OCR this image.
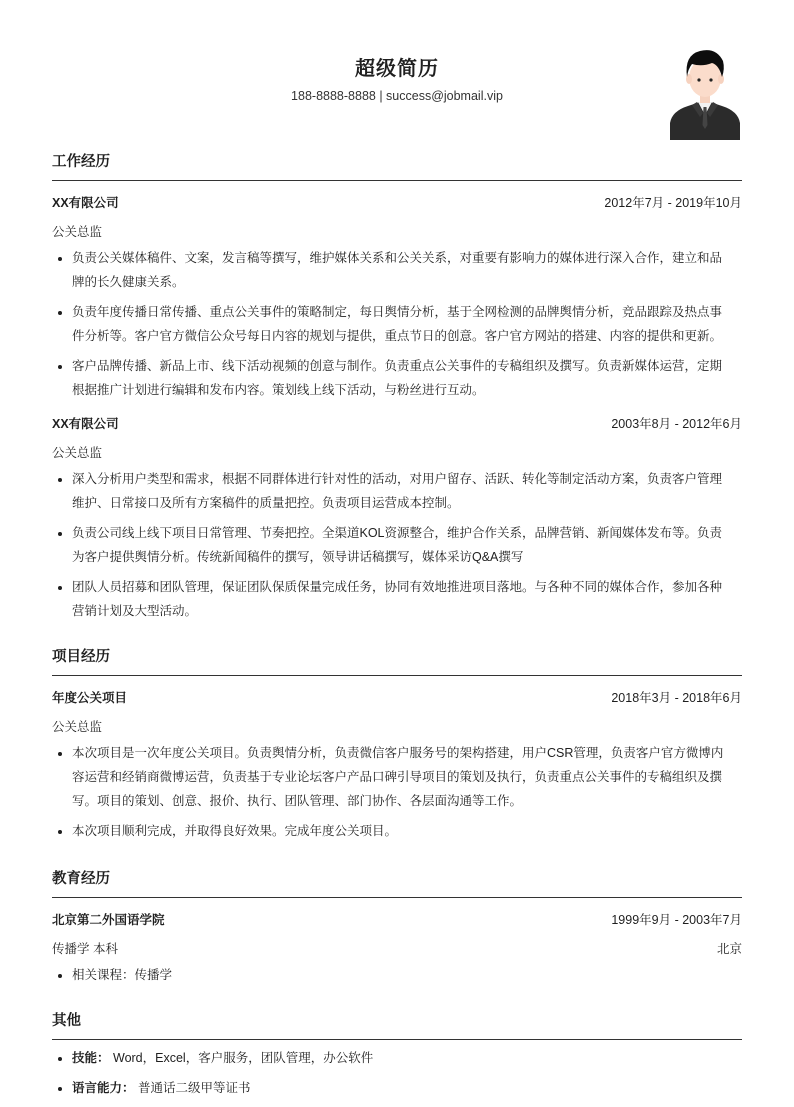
超级简历
188-8888-8888 | success@jobmail.vip
工作经历
XX有限公司	2012年7月 - 2019年10月
公关总监
• 负责公关媒体稿件、文案，发言稿等撰写，维护媒体关系和公关关系，对重要有影响力的媒体进行深入合作，建立和品牌的长久健康关系。
• 负责年度传播日常传播、重点公关事件的策略制定，每日舆情分析，基于全网检测的品牌舆情分析，竞品跟踪及热点事件分析等。客户官方微信公众号每日内容的规划与提供，重点节日的创意。客户官方网站的搭建、内容的提供和更新。
• 客户品牌传播、新品上市、线下活动视频的创意与制作。负责重点公关事件的专稿组织及撰写。负责新媒体运营，定期根据推广计划进行编辑和发布内容。策划线上线下活动，与粉丝进行互动。
XX有限公司	2003年8月 - 2012年6月
公关总监
• 深入分析用户类型和需求，根据不同群体进行针对性的活动，对用户留存、活跃、转化等制定活动方案，负责客户管理维护、日常接口及所有方案稿件的质量把控。负责项目运营成本控制。
• 负责公司线上线下项目日常管理、节奏把控。全渠道KOL资源整合，维护合作关系，品牌营销、新闻媒体发布等。负责为客户提供舆情分析。传统新闻稿件的撰写，领导讲话稿撰写，媒体采访Q&A撰写
• 团队人员招募和团队管理，保证团队保质保量完成任务，协同有效地推进项目落地。与各种不同的媒体合作，参加各种营销计划及大型活动。
项目经历
年度公关项目	2018年3月 - 2018年6月
公关总监
• 本次项目是一次年度公关项目。负责舆情分析，负责微信客户服务号的架构搭建，用户CSR管理，负责客户官方微博内容运营和经销商微博运营，负责基于专业论坛客户产品口碑引导项目的策划及执行，负责重点公关事件的专稿组织及撰写。项目的策划、创意、报价、执行、团队管理、部门协作、各层面沟通等工作。
• 本次项目顺利完成，并取得良好效果。完成年度公关项目。
教育经历
北京第二外国语学院	1999年9月 - 2003年7月
传播学 本科	北京
• 相关课程：传播学
其他
• 技能： Word，Excel，客户服务，团队管理，办公软件
• 语言能力： 普通话二级甲等证书
